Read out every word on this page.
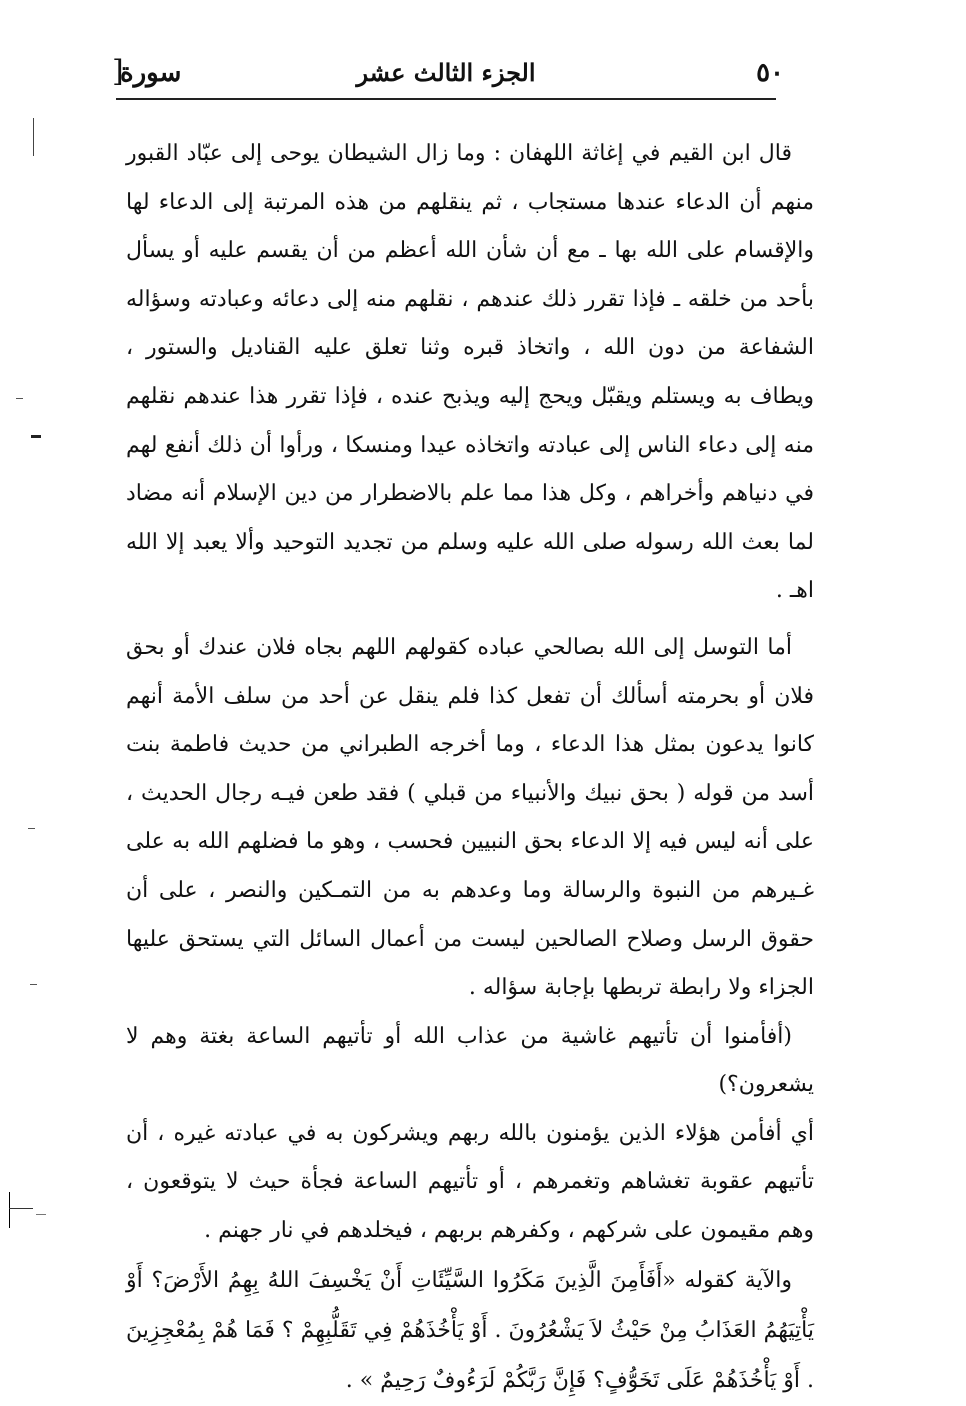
٥٠
الجزء الثالث عشر
سورة
[

قال ابن القيم في إغاثة اللهفان : وما زال الشيطان يوحى إلى عبّاد القبور منهم أن الدعاء عندها مستجاب ، ثم ينقلهم من هذه المرتبة إلى الدعاء لها والإقسام على الله بها ـ مع أن شأن الله أعظم من أن يقسم عليه أو يسأل بأحد من خلقه ـ فإذا تقرر ذلك عندهم ، نقلهم منه إلى دعائه وعبادته وسؤاله الشفاعة من دون الله ، واتخاذ قبره وثنا تعلق عليه القناديل والستور ، ويطاف به ويستلم ويقبّل ويحج إليه ويذبح عنده ، فإذا تقرر هذا عندهم نقلهم منه إلى دعاء الناس إلى عبادته واتخاذه عيدا ومنسكا ، ورأوا أن ذلك أنفع لهم في دنياهم وأخراهم ، وكل هذا مما علم بالاضطرار من دين الإسلام أنه مضاد لما بعث الله رسوله صلى الله عليه وسلم من تجديد التوحيد وألا يعبد إلا الله اهـ .

أما التوسل إلى الله بصالحي عباده كقولهم اللهم بجاه فلان عندك أو بحق فلان أو بحرمته أسألك أن تفعل كذا فلم ينقل عن أحد من سلف الأمة أنهم كانوا يدعون بمثل هذا الدعاء ، وما أخرجه الطبراني من حديث فاطمة بنت أسد من قوله ( بحق نبيك والأنبياء من قبلي ) فقد طعن فيـه رجال الحديث ، على أنه ليس فيه إلا الدعاء بحق النبيين فحسب ، وهو ما فضلهم الله به على غـيرهم من النبوة والرسالة وما وعدهم به من التمـكين والنصر ، على أن حقوق الرسل وصلاح الصالحين ليست من أعمال السائل التي يستحق عليها الجزاء ولا رابطة تربطها بإجابة سؤاله .

(أفأمنوا أن تأتيهم غاشية من عذاب الله أو تأتيهم الساعة بغتة وهم لا يشعرون؟)

أي أفأمن هؤلاء الذين يؤمنون بالله ربهم ويشركون به في عبادته غيره ، أن تأتيهم عقوبة تغشاهم وتغمرهم ، أو تأتيهم الساعة فجأة حيث لا يتوقعون ، وهم مقيمون على شركهم ، وكفرهم بربهم ، فيخلدهم في نار جهنم .

والآية كقوله «أَفَأَمِنَ الَّذِينَ مَكَرُوا السَّيِّئَاتِ أَنْ يَخْسِفَ اللهُ بِهِمُ الأَرْضَ؟ أَوْ يَأْتِيَهُمُ العَذَابُ مِنْ حَيْثُ لاَ يَشْعُرُونَ . أَوْ يَأْخُذَهُمْ فِي تَقَلُّبِهِمْ ؟ فَمَا هُمْ بِمُعْجِزِينَ . أَوْ يَأْخُذَهُمْ عَلَى تَخَوُّفٍ؟ فَإِنَّ رَبَّكُمْ لَرَءُوفٌ رَحِيمٌ » .
